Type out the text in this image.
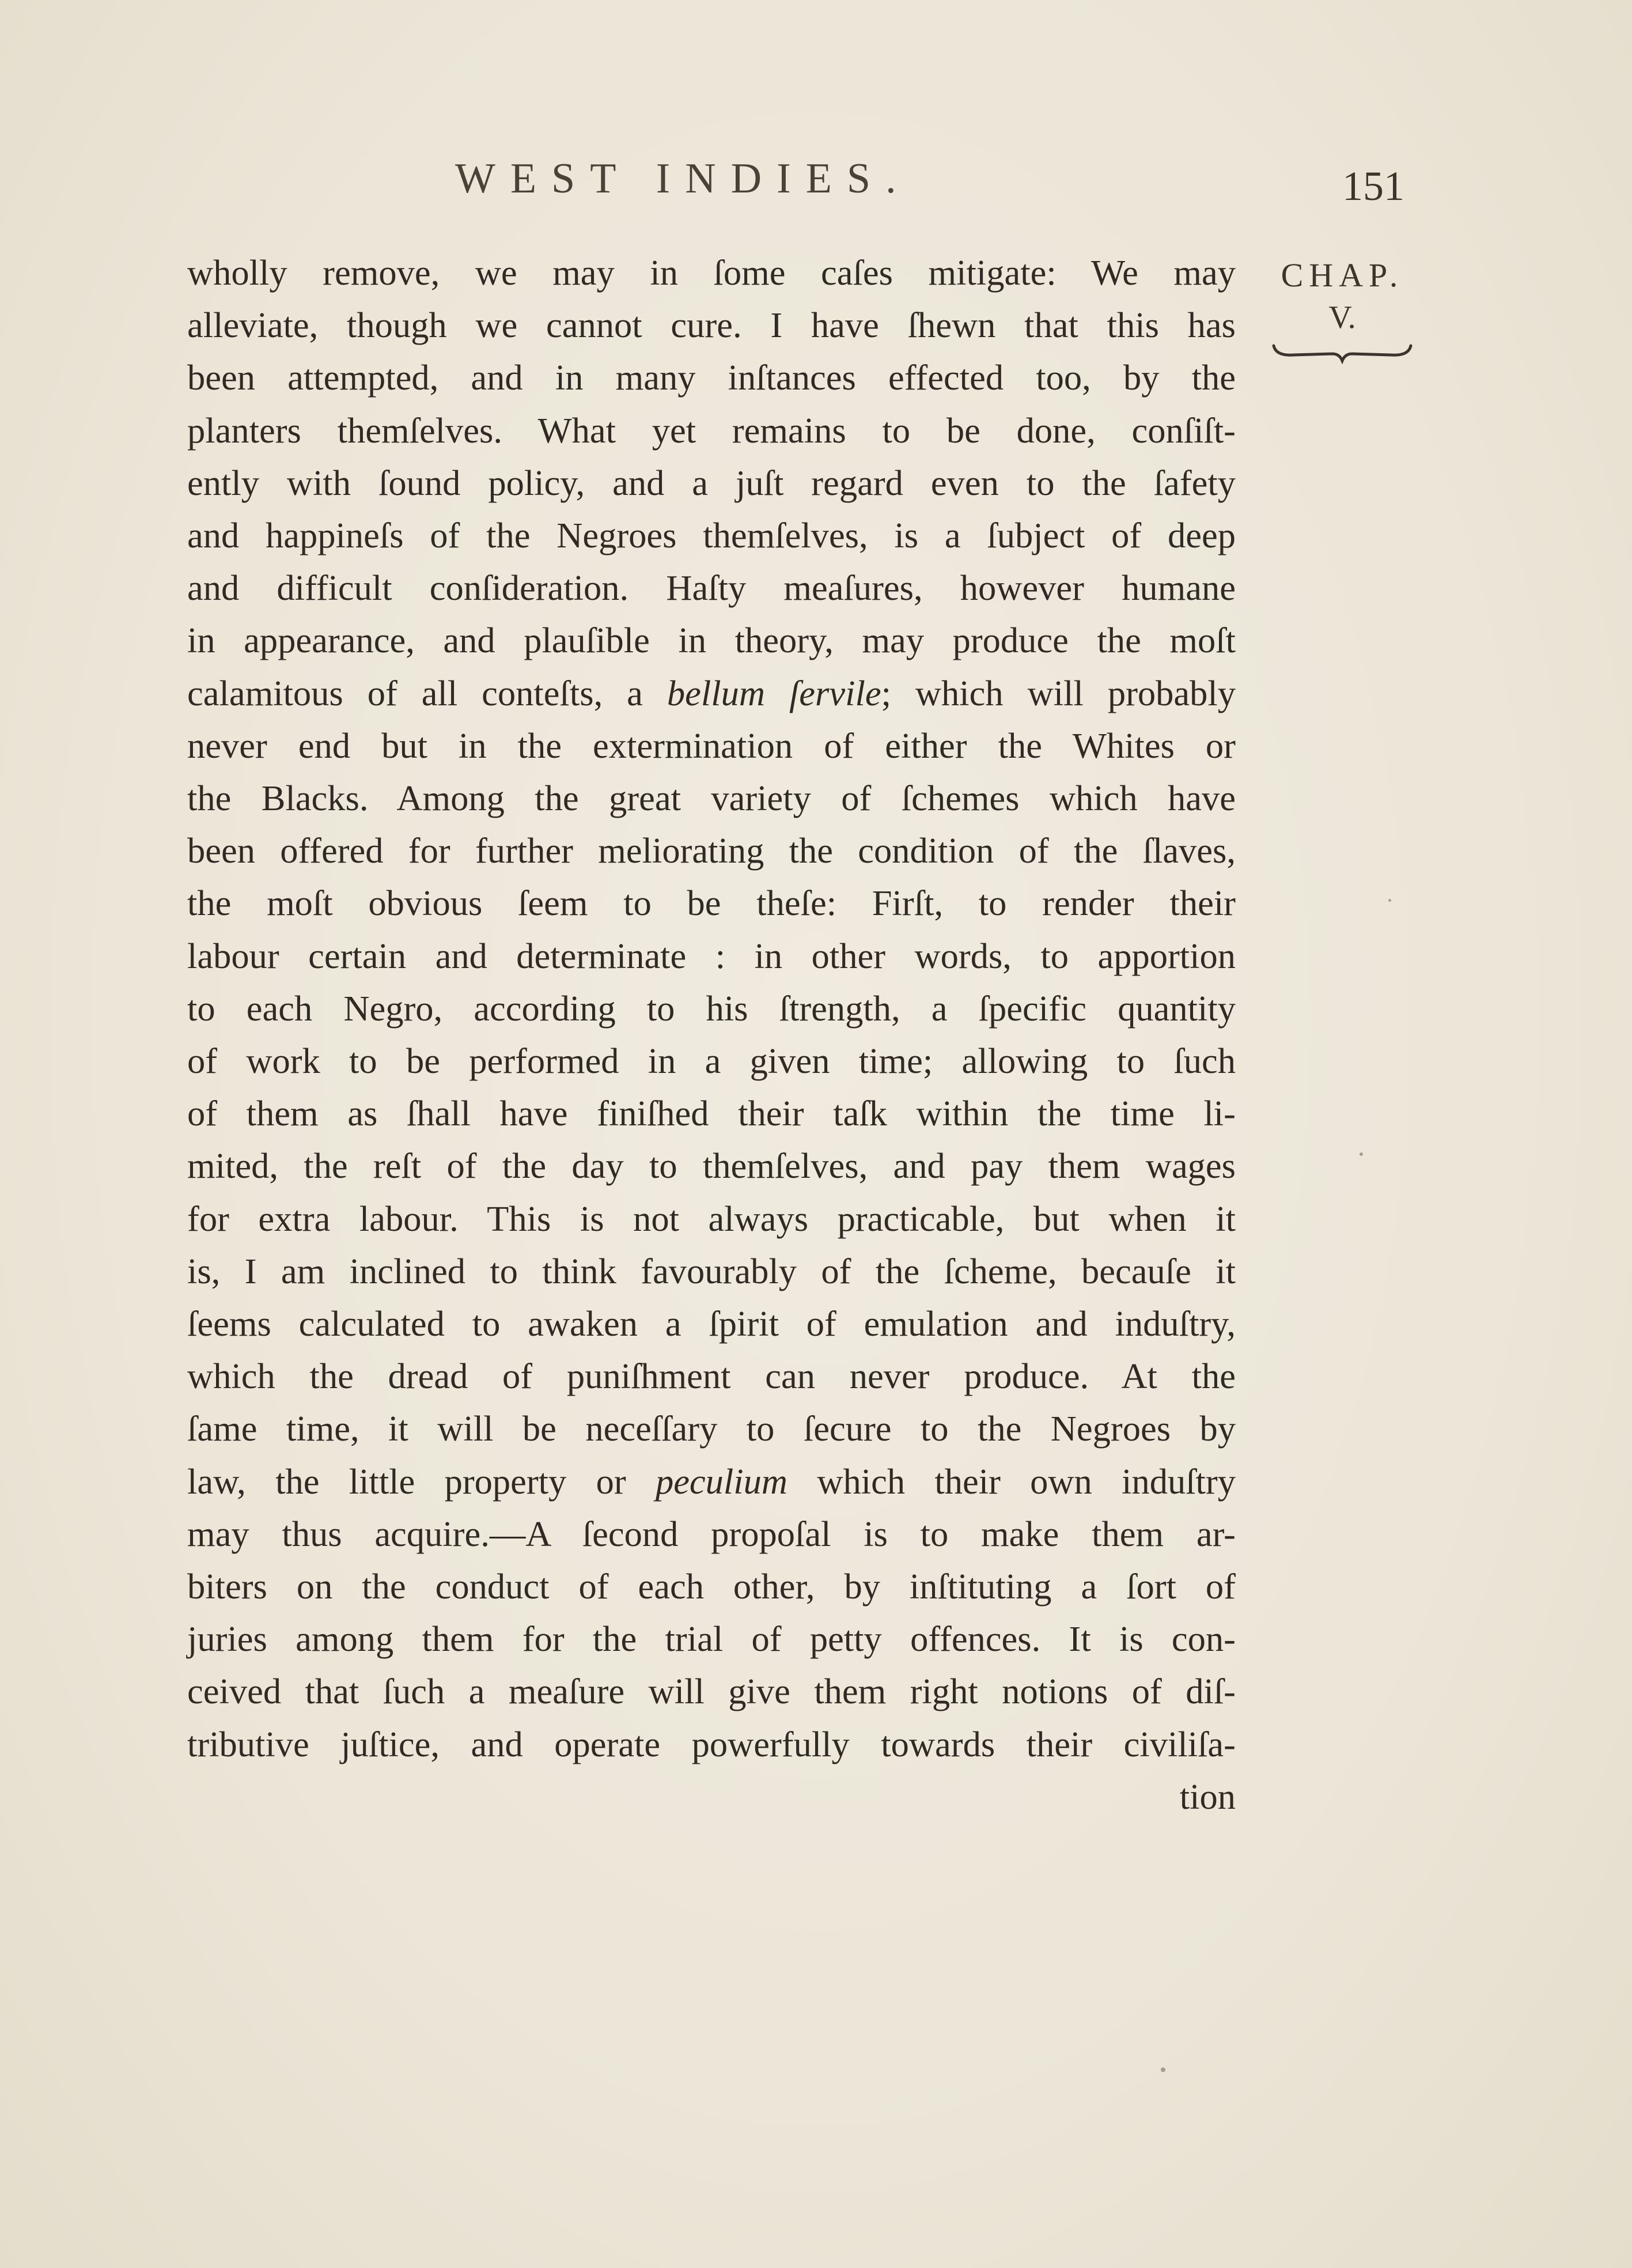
WEST INDIES.	151
CHAP.
V.
wholly remove, we may in ſome caſes mitigate: We may
alleviate, though we cannot cure. I have ſhewn that this has
been attempted, and in many inſtances effected too, by the
planters themſelves. What yet remains to be done, conſiſt-
ently with ſound policy, and a juſt regard even to the ſafety
and happineſs of the Negroes themſelves, is a ſubject of deep
and difficult conſideration. Haſty meaſures, however humane
in appearance, and plauſible in theory, may produce the moſt
calamitous of all conteſts, a bellum ſervile; which will probably
never end but in the extermination of either the Whites or
the Blacks. Among the great variety of ſchemes which have
been offered for further meliorating the condition of the ſlaves,
the moſt obvious ſeem to be theſe: Firſt, to render their
labour certain and determinate : in other words, to apportion
to each Negro, according to his ſtrength, a ſpecific quantity
of work to be performed in a given time; allowing to ſuch
of them as ſhall have finiſhed their taſk within the time li-
mited, the reſt of the day to themſelves, and pay them wages
for extra labour. This is not always practicable, but when it
is, I am inclined to think favourably of the ſcheme, becauſe it
ſeems calculated to awaken a ſpirit of emulation and induſtry,
which the dread of puniſhment can never produce. At the
ſame time, it will be neceſſary to ſecure to the Negroes by
law, the little property or peculium which their own induſtry
may thus acquire.—A ſecond propoſal is to make them ar-
biters on the conduct of each other, by inſtituting a ſort of
juries among them for the trial of petty offences. It is con-
ceived that ſuch a meaſure will give them right notions of diſ-
tributive juſtice, and operate powerfully towards their civiliſa-
tion
